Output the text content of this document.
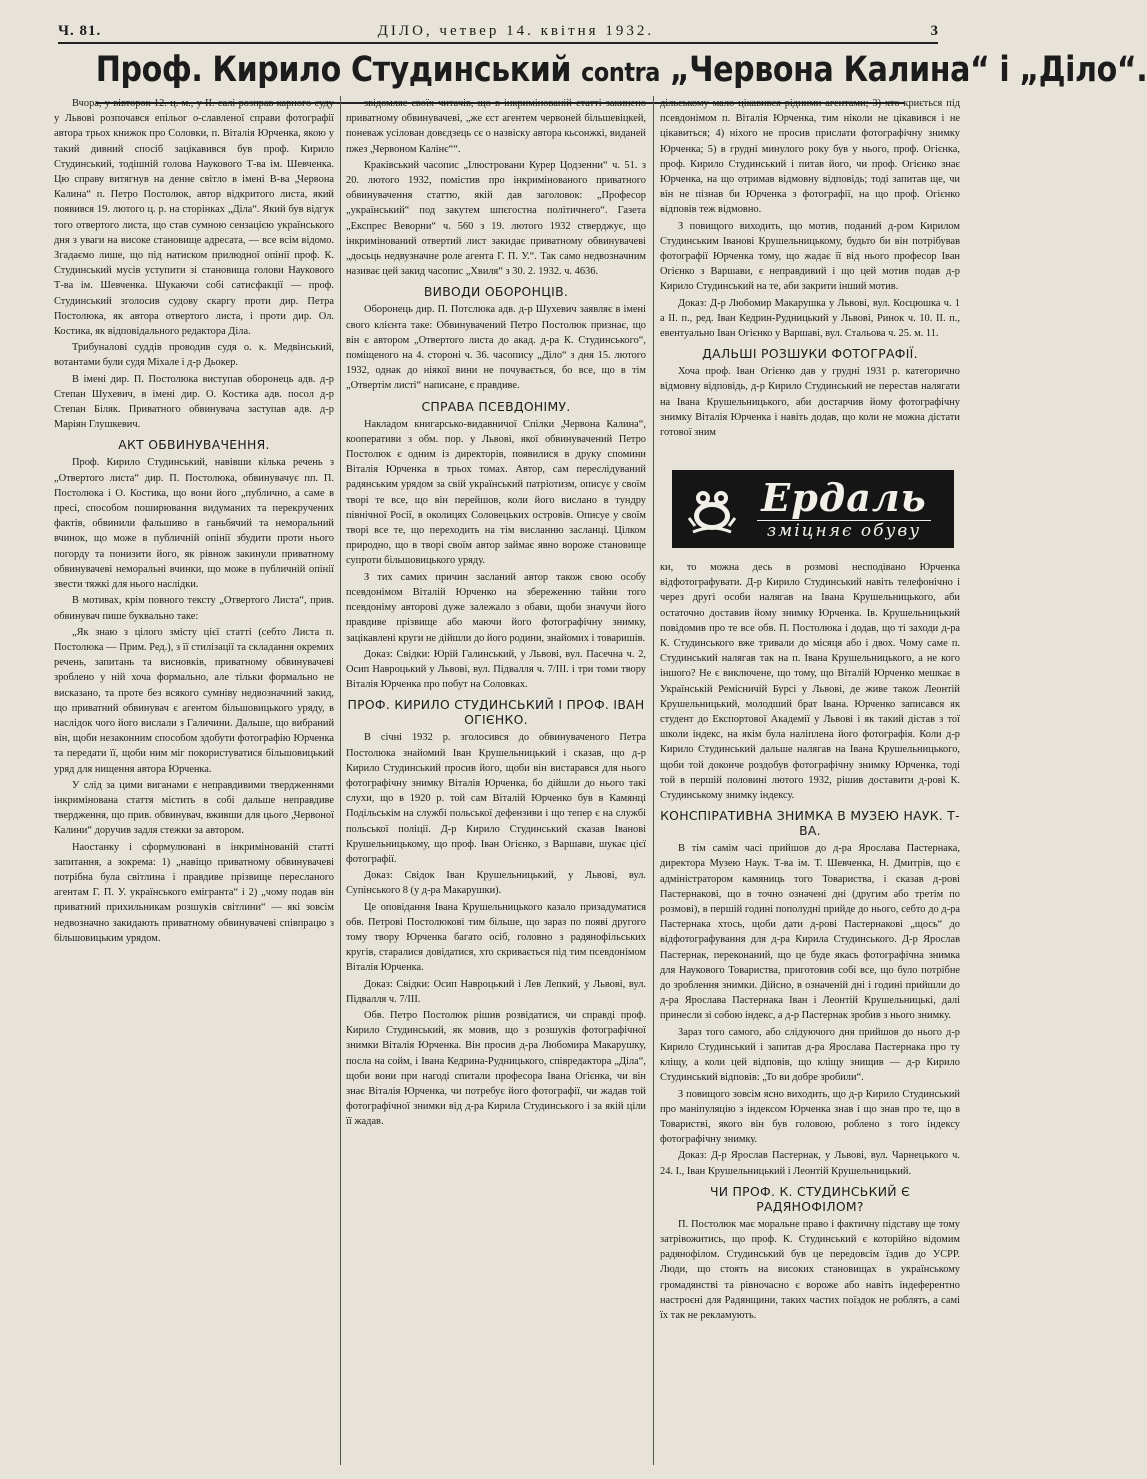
Ч. 81.	ДІЛО, четвер 14. квітня 1932.	3
Проф. Кирило Студинський contra „Червона Калина“ і „Діло“.

Вчора, у вівторок 12. ц. м., у II. салі розправ карного суду у Львові розпочався епільог о-славленої справи фотографії автора трьох книжок про Соловки, п. Віталія Юрченка, якою у такий дивний спосіб зацікавився був проф. Кирило Студинський, тодішній голова Наукового Т-ва ім. Шевченка. Цю справу витягнув на денне світло в імені В-ва „Червона Калина“ п. Петро Постолюк, автор відкритого листа, який появився 19. лютого ц. р. на сторінках „Діла“. Який був відгук того отвертого листа, що став сумною сензацією українського дня з уваги на високе становище адресата, — все всім відомо. Згадаємо лише, що під натиском прилюдної опінії проф. К. Студинський мусів уступити зі становища голови Наукового Т-ва ім. Шевченка. Шукаючи собі сатисфакції — проф. Студинський зголосив судову скаргу проти дир. Петра Постолюка, як автора отвертого листа, і проти дир. Ол. Костика, як відповідального редактора Діла.

Трибуналові суддів проводив судя о. к. Медвінський, вотантами були судя Міхале і д-р Дьокер.

В імені дир. П. Постолюка виступав оборонець адв. д-р Степан Шухевич, в імені дир. О. Костика адв. посол д-р Степан Біляк. Приватного обвинувача заступав адв. д-р Маріян Глушкевич.

АКТ ОБВИНУВАЧЕННЯ.

Проф. Кирило Студинський, навівши кілька речень з „Отвертого листа“ дир. П. Постолюка, обвинувачує пп. П. Постолюка і О. Костика, що вони його „публично, а саме в пресі, способом поширювання видуманих та перекручених фактів, обвинили фальшиво в ганьбячий та неморальний вчинок, що може в публичній опінії збудити проти нього погорду та понизити його, як рівнож закинули приватному обвинувачеві неморальні вчинки, що може в публичній опінії звести тяжкі для нього наслідки.

В мотивах, крім повного тексту „Отвертого Листа“, прив. обвинувач пише буквально таке:

„Як знаю з цілого змісту цієї статті (себто Листа п. Постолюка — Прим. Ред.), з її стилізації та складання окремих речень, запитань та висновків, приватному обвинувачеві зроблено у ній хоча формально, але тільки формально не висказано, та проте без всякого сумніву недвозначний закид, що приватний обвинувач є агентом більшовицького уряду, в наслідок чого його вислали з Галичини. Дальше, що вибраний він, щоби незаконним способом здобути фотографію Юрченка та передати її, щоби ним міг покористуватися більшовицький уряд для нищення автора Юрченка.

У слід за цими виганами є неправдивими твердженнями інкримінована стаття містить в собі дальше неправдиве твердження, що прив. обвинувач, вживши для цього „Червоної Калини“ доручив задля стежки за автором.

Наостанку і сформулювані в інкримінованій статті запитання, а зокрема: 1) „навіщо приватному обвинувачеві потрібна була світлина і правдиве прізвище пересланого агентам Г. П. У. українського емігранта“ і 2) „чому подав він приватний прихильникам розшуків світлини“ — які зовсім недвозначно закидають приватному обвинувачеві співпрацю з більшовицьким урядом.

звідомляє своїх читачів, що в інкримінованій статті закинено приватному обвинувачеві, „же єст агентем червоней більшевіцкей, поневаж усілован довєдзець сє о назвіску автора кьсонжкі, виданей пжез „Червоном Калінє““.

Краківський часопис „Ілюстровани Курер Цодзенни“ ч. 51. з 20. лютого 1932, помістив про інкримінованого приватного обвинувачення статтю, якій дав заголовок: „Професор „український“ под закутем шпєгостна політичнего“. Газета „Експрес Веворни“ ч. 560 з 19. лютого 1932 стверджує, що інкримінований отвертий лист закидає приватному обвинувачеві „досьць недвузначне роле агента Г. П. У.“. Так само недвозначним називає цей закид часопис „Хвиля“ з 30. 2. 1932. ч. 4636.

ВИВОДИ ОБОРОНЦІВ.

Оборонець дир. П. Потслюка адв. д-р Шухевич заявляє в імені свого клієнта таке: Обвинувачений Петро Постолюк признає, що він є автором „Отвертого листа до акад. д-ра К. Студинського“, поміщеного на 4. стороні ч. 36. часопису „Діло“ з дня 15. лютого 1932, однак до ніякої вини не почувається, бо все, що в тім „Отвертім листі“ написане, є правдиве.

СПРАВА ПСЕВДОНІМУ.

Накладом книгарсько-видавничої Спілки „Червона Калина“, кооперативи з обм. пор. у Львові, якої обвинувачений Петро Постолюк є одним із директорів, появилися в друку спомини Віталія Юрченка в трьох томах. Автор, сам переслідуваний радянським урядом за свій український патріотизм, описує у своїм творі те все, що він перейшов, коли його вислано в тундру північної Росії, в околицях Соловецьких островів. Описуе у своїм творі все те, що переходить на тім висланню засланці. Цілком природно, що в творі своїм автор займає явно вороже становище супроти більшовицького уряду.

З тих самих причин засланий автор також свою особу псевдонімом Віталій Юрченко на збереженню тайни того псевдоніму авторові дуже залежало з обави, щоби значучи його правдиве прізвище або маючи його фотографічну знимку, зацікавлені круги не дійшли до його родини, знайомих і товаришів.

Доказ: Свідки: Юрій Галинський, у Львові, вул. Пасечна ч. 2, Осип Навроцький у Львові, вул. Підвалля ч. 7/ІІІ. і три томи твору Віталія Юрченка про побут на Соловках.

ПРОФ. КИРИЛО СТУДИНСЬКИЙ І ПРОФ. ІВАН ОГІЄНКО.

В січні 1932 р. зголосився до обвинуваченого Петра Постолюка знайомий Іван Крушельницький і сказав, що д-р Кирило Студинський просив його, щоби він вистарався для нього фотографічну знимку Віталія Юрченка, бо дійшли до нього такі слухи, що в 1920 р. той сам Віталій Юрченко був в Камянці Подільськім на службі польської дефензиви і що тепер є на службі польської поліції. Д-р Кирило Студинський сказав Іванові Крушельницькому, що проф. Іван Огієнко, з Варшави, шукає цієї фотографії.

Доказ: Свідок Іван Крушельницький, у Львові, вул. Супінського 8 (у д-ра Макарушки).

Це оповідання Івана Крушельницького казало призадуматися обв. Петрові Постолюкові тим більше, що зараз по появі другого тому твору Юрченка багато осіб, головно з радянофільських кругів, старалися довідатися, хто скривається під тим псевдонімом Віталія Юрченка.

Доказ: Свідки: Осип Навроцький і Лев Лепкий, у Львові, вул. Підвалля ч. 7/ІІІ.

Обв. Петро Постолюк рішив розвідатися, чи справді проф. Кирило Студинський, як мовив, що з розшуків фотографічної знимки Віталія Юрченка. Він просив д-ра Любомира Макарушку, посла на сойм, і Івана Кедрина-Рудницького, співредактора „Діла“, щоби вони при нагоді спитали професора Івана Огієнка, чи він знає Віталія Юрченка, чи потребує його фотографії, чи жадав той фотографічної знимки від д-ра Кирила Студинського і за якій ціли її жадав.

дільському мало цікавився рідними агентами; 3) хто криється під псевдонімом п. Віталія Юрченка, тим ніколи не цікавився і не цікавиться; 4) ніхого не просив прислати фотографічну знимку Юрченка; 5) в грудні минулого року був у нього, проф. Огієнка, проф. Кирило Студинський і питав його, чи проф. Огієнко знає Юрченка, на що отримав відмовну відповідь; тоді запитав ще, чи він не пізнав би Юрченка з фотографії, на що проф. Огієнко відповів теж відмовно.

З повищого виходить, що мотив, поданий д-ром Кирилом Студинським Іванові Крушельницькому, будьто би він потрібував фотографії Юрченка тому, що жадає її від нього професор Іван Огієнко з Варшави, є неправдивий і що цей мотив подав д-р Кирило Студинський на те, аби закрити інший мотив.

Доказ: Д-р Любомир Макарушка у Львові, вул. Косцюшка ч. 1 а II. п., ред. Іван Кедрин-Рудницький у Львові, Ринок ч. 10. II. п., евентуально Іван Огієнко у Варшаві, вул. Стальова ч. 25. м. 11.

ДАЛЬШІ РОЗШУКИ ФОТОГРАФІЇ.

Хоча проф. Іван Огієнко дав у грудні 1931 р. категорично відмовну відповідь, д-р Кирило Студинський не перестав налягати на Івана Крушельницького, аби достарчив йому фотографічну знимку Віталія Юрченка і навіть додав, що коли не можна дістати готової зним

Ердаль
змiцняє обуву

ки, то можна десь в розмові несподівано Юрченка відфотографувати. Д-р Кирило Студинський навіть телефонічно і через другі особи налягав на Івана Крушельницького, аби остаточно доставив йому знимку Юрченка. Ів. Крушельницький повідомив про те все обв. П. Постолюка і додав, що ті заходи д-ра К. Студинського вже тривали до місяця або і двох. Чому саме п. Студинський налягав так на п. Івана Крушельницького, а не кого іншого? Не є виключене, що тому, що Віталій Юрченко мешкає в Українській Ремісничій Бурсі у Львові, де живе також Леонтій Крушельницький, молодший брат Івана. Юрченко записався як студент до Експортової Академії у Львові і як такий дістав з тої школи індекс, на якім була наліплена його фотографія. Коли д-р Кирило Студинський дальше налягав на Івана Крушельницького, щоби той доконче роздобув фотографічну знимку Юрченка, тоді той в першій половині лютого 1932, рішив доставити д-рові К. Студинському знимку індексу.

КОНСПІРАТИВНА ЗНИМКА В МУЗЕЮ НАУК. Т-ВА.

В тім самім часі прийшов до д-ра Ярослава Пастернака, директора Музею Наук. Т-ва ім. Т. Шевченка, Н. Дмитрів, що є адміністратором камяниць того Товариства, і сказав д-рові Пастернакові, що в точно означені дні (другим або третім по розмові), в першій годині пополудні прийде до нього, себто до д-ра Пастернака хтось, щоби дати д-рові Пастернакові „щось“ до відфотографування для д-ра Кирила Студинського. Д-р Ярослав Пастернак, переконаний, що це буде якась фотографічна знимка для Наукового Товариства, приготовив собі все, що було потрібне до зроблення знимки. Дійсно, в означеній дні і годині прийшли до д-ра Ярослава Пастернака Іван і Леонтій Крушельницькі, далі принесли зі собою індекс, а д-р Пастернак зробив з нього знимку.

Зараз того самого, або слідуючого дня прийшов до нього д-р Кирило Студинський і запитав д-ра Ярослава Пастернака про ту кліщу, а коли цей відповів, що кліщу знищив — д-р Кирило Студинський відповів: „То ви добре зробили“.

З повищого зовсім ясно виходить, що д-р Кирило Студинський про маніпуляцію з індексом Юрченка знав і що знав про те, що в Товаристві, якого він був головою, роблено з того індексу фотографічну знимку.

Доказ: Д-р Ярослав Пастернак, у Львові, вул. Чарнецького ч. 24. І., Іван Крушельницький і Леонтій Крушельницький.

ЧИ ПРОФ. К. СТУДИНСЬКИЙ Є РАДЯНОФІЛОМ?

П. Постолюк має моральне право і фактичну підставу ще тому затрівожитись, що проф. К. Студинський є которійно відомим радянофілом. Студинський був це передовсім їздив до УСРР. Люди, що стоять на високих становищах в українському громадянстві та рівночасно є вороже або навіть індеферентно настроєні для Радянщини, таких частих поїздок не роблять, а самі їх так не рекламують.
